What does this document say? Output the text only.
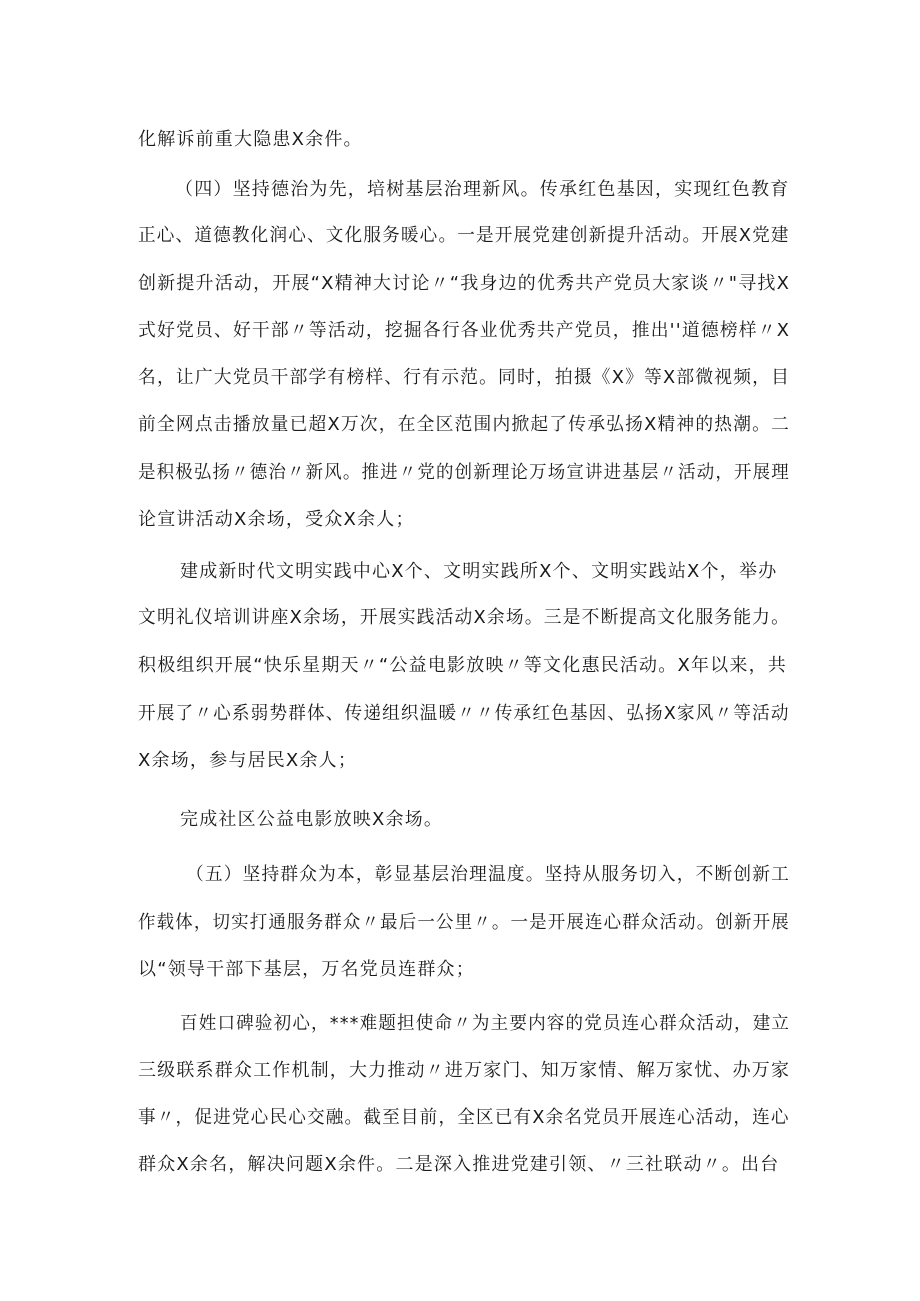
化解诉前重大隐患X余件。
（四）坚持德治为先，培树基层治理新风。传承红色基因，实现红色教育
正心、道德教化润心、文化服务暖心。一是开展党建创新提升活动。开展X党建
创新提升活动，开展“X精神大讨论〃“我身边的优秀共产党员大家谈〃"寻找X
式好党员、好干部〃等活动，挖掘各行各业优秀共产党员，推出''道德榜样〃X
名，让广大党员干部学有榜样、行有示范。同时，拍摄《X》等X部微视频，目
前全网点击播放量已超X万次，在全区范围内掀起了传承弘扬X精神的热潮。二
是积极弘扬〃德治〃新风。推进〃党的创新理论万场宣讲进基层〃活动，开展理
论宣讲活动X余场，受众X余人；
建成新时代文明实践中心X个、文明实践所X个、文明实践站X个，举办
文明礼仪培训讲座X余场，开展实践活动X余场。三是不断提高文化服务能力。
积极组织开展“快乐星期天〃“公益电影放映〃等文化惠民活动。X年以来，共
开展了〃心系弱势群体、传递组织温暖〃〃传承红色基因、弘扬X家风〃等活动
X余场，参与居民X余人；
完成社区公益电影放映X余场。
（五）坚持群众为本，彰显基层治理温度。坚持从服务切入，不断创新工
作载体，切实打通服务群众〃最后一公里〃。一是开展连心群众活动。创新开展
以“领导干部下基层，万名党员连群众；
百姓口碑验初心，***难题担使命〃为主要内容的党员连心群众活动，建立
三级联系群众工作机制，大力推动〃进万家门、知万家情、解万家忧、办万家
事〃，促进党心民心交融。截至目前，全区已有X余名党员开展连心活动，连心
群众X余名，解决问题X余件。二是深入推进党建引领、〃三社联动〃。出台
